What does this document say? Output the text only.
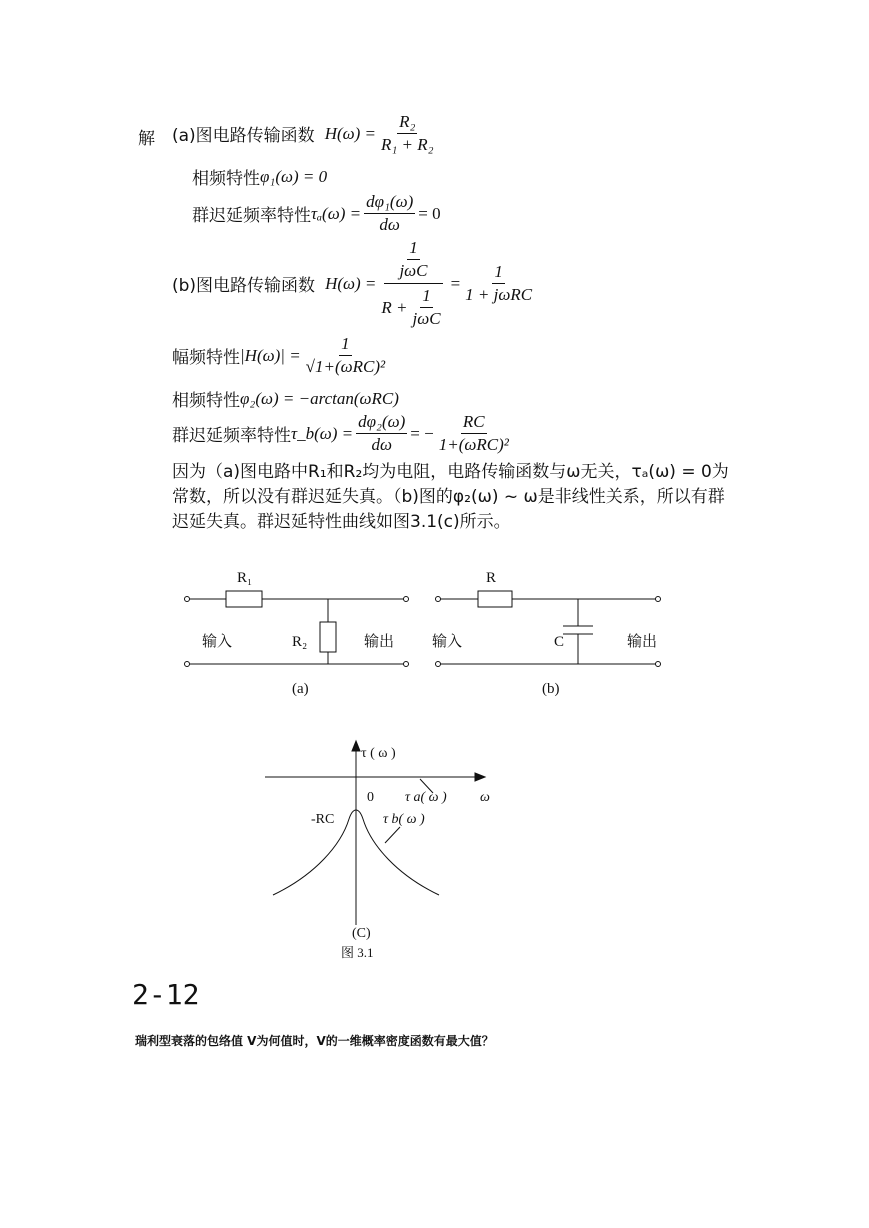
解 (a)图电路传输函数 $H(\omega) = \frac{\text{R₂}}{\text{R₁ + R₂}}$
相频特性 φ₁(ω) = 0
群迟延频率特性 $\tau_a(\omega) = \frac{\text{dφ₁(ω)}}{d\omega} = 0$
(b)图电路传输函数 $H(\omega) = \frac{\frac{1}{\text{jωC}}}{R + \frac{1}{\text{jωC}}} = \frac{1}{\text{1 + jωRC}}$
幅频特性 $|H(\omega)| = \frac{1}{\text{√1+(ωRC)²}}$
相频特性 φ₂(ω) = −arctan(ωRC)
群迟延频率特性 τ_b(ω) = $\frac{\text{dφ₂(ω)}}{d\omega}$ = − $\frac{RC}{\text{1+(ωRC)²}}$
因为（a)图电路中R₁和R₂均为电阻，电路传输函数与ω无关，τₐ(ω) = 0为常数，所以没有群迟延失真。（b)图的φ₂(ω) ~ ω是非线性关系，所以有群迟延失真。群迟延特性曲线如图3.1(c)所示。
R₁
R₂
输入	输出
(a)
R
C
输入	输出
(b)
τ ( ω )
ω
0 τ a( ω )
τ b( ω )
-RC
(C)
图 3.1
2-12
瑞利型衰落的包络值 V为何值时，V的一维概率密度函数有最大值？
